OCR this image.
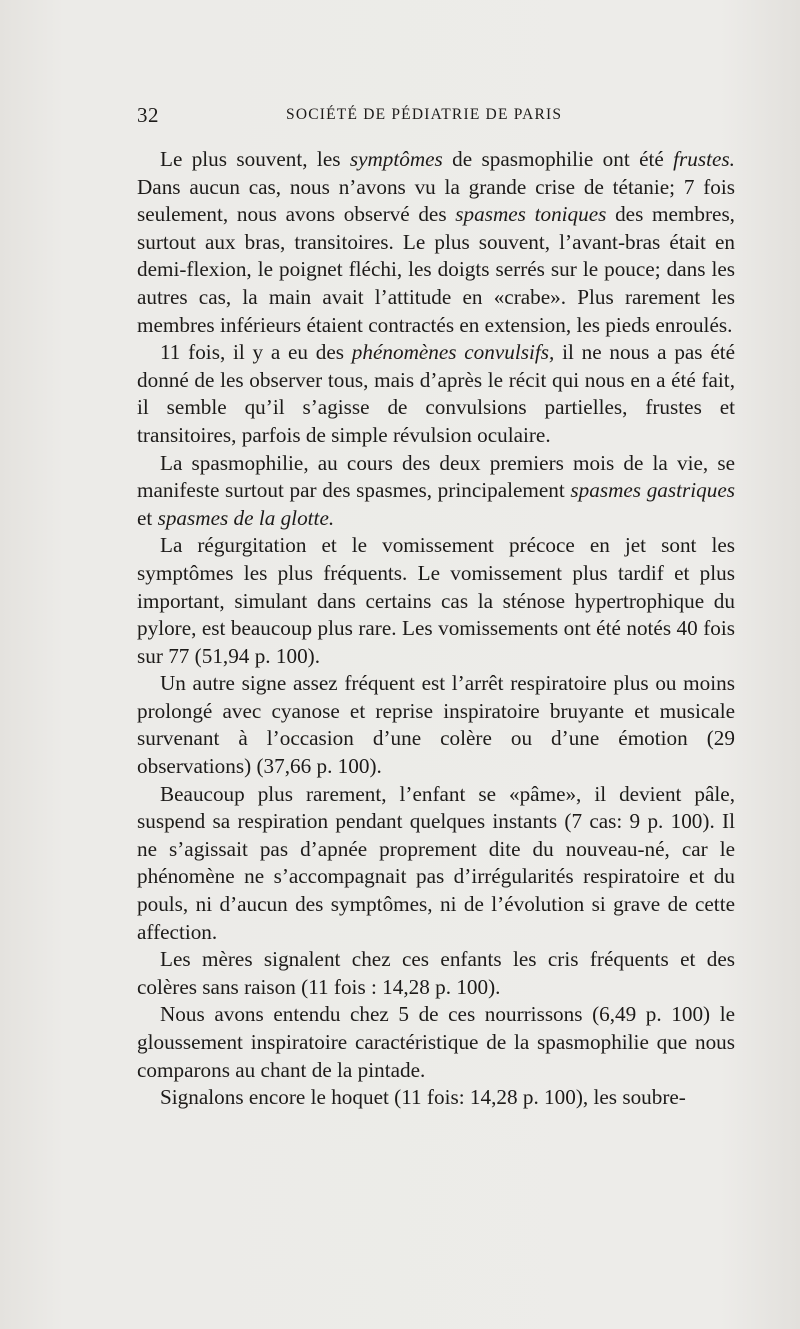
32	SOCIÉTÉ DE PÉDIATRIE DE PARIS

Le plus souvent, les symptômes de spasmophilie ont été frustes. Dans aucun cas, nous n’avons vu la grande crise de tétanie; 7 fois seulement, nous avons observé des spasmes toniques des membres, surtout aux bras, transitoires. Le plus souvent, l’avant-bras était en demi-flexion, le poignet fléchi, les doigts serrés sur le pouce; dans les autres cas, la main avait l’attitude en «crabe». Plus rarement les membres inférieurs étaient contractés en extension, les pieds enroulés.

11 fois, il y a eu des phénomènes convulsifs, il ne nous a pas été donné de les observer tous, mais d’après le récit qui nous en a été fait, il semble qu’il s’agisse de convulsions partielles, frustes et transitoires, parfois de simple révulsion oculaire.

La spasmophilie, au cours des deux premiers mois de la vie, se manifeste surtout par des spasmes, principalement spasmes gastriques et spasmes de la glotte.

La régurgitation et le vomissement précoce en jet sont les symptômes les plus fréquents. Le vomissement plus tardif et plus important, simulant dans certains cas la sténose hypertrophique du pylore, est beaucoup plus rare. Les vomissements ont été notés 40 fois sur 77 (51,94 p. 100).

Un autre signe assez fréquent est l’arrêt respiratoire plus ou moins prolongé avec cyanose et reprise inspiratoire bruyante et musicale survenant à l’occasion d’une colère ou d’une émotion (29 observations) (37,66 p. 100).

Beaucoup plus rarement, l’enfant se «pâme», il devient pâle, suspend sa respiration pendant quelques instants (7 cas: 9 p. 100). Il ne s’agissait pas d’apnée proprement dite du nouveau-né, car le phénomène ne s’accompagnait pas d’irrégularités respiratoire et du pouls, ni d’aucun des symptômes, ni de l’évolution si grave de cette affection.

Les mères signalent chez ces enfants les cris fréquents et des colères sans raison (11 fois : 14,28 p. 100).

Nous avons entendu chez 5 de ces nourrissons (6,49 p. 100) le gloussement inspiratoire caractéristique de la spasmophilie que nous comparons au chant de la pintade.

Signalons encore le hoquet (11 fois: 14,28 p. 100), les soubre-
